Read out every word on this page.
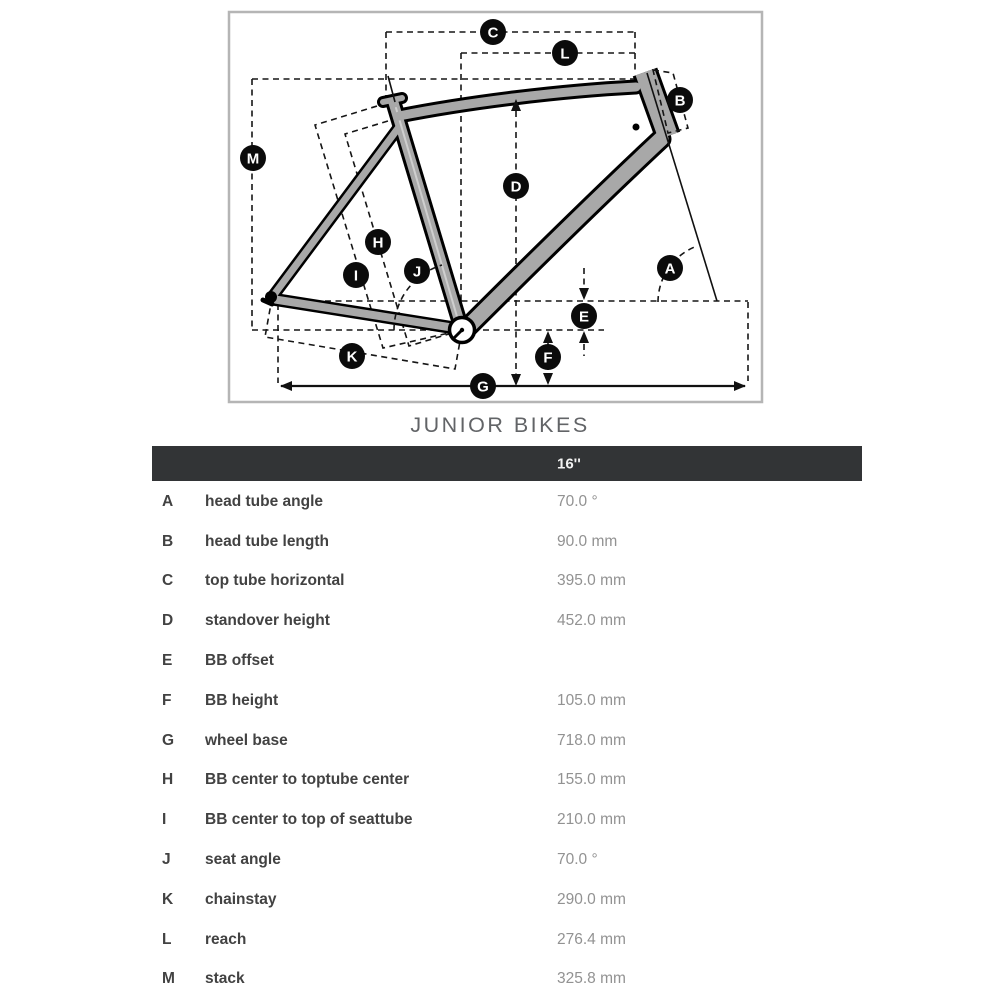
A
B
C
D
E
F
G
H
I	J
K
L
M
JUNIOR BIKES
16''
A head tube angle	70.0 °
B head tube length	90.0 mm
C top tube horizontal	395.0 mm
D standover height	452.0 mm
E BB offset
F BB height	105.0 mm
G wheel base	718.0 mm
H BB center to toptube center	155.0 mm
I BB center to top of seattube	210.0 mm
J seat angle	70.0 °
K chainstay	290.0 mm
L reach	276.4 mm
M stack	325.8 mm
